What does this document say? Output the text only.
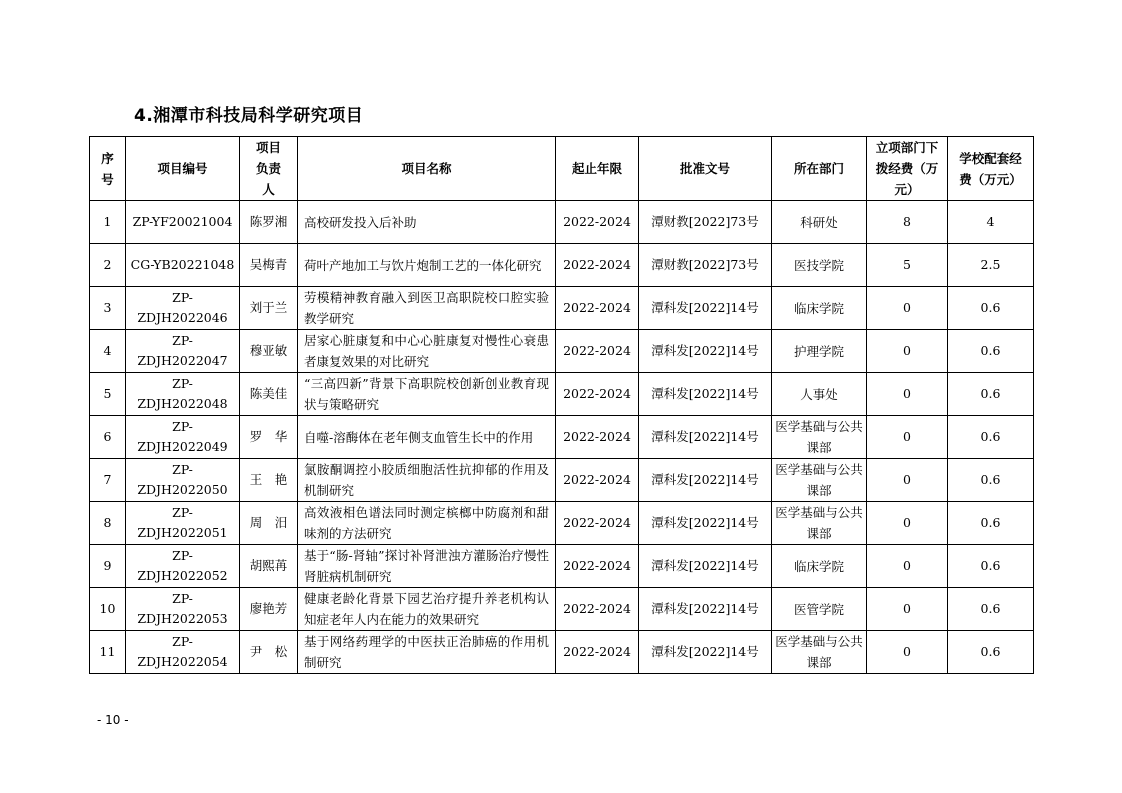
4.湘潭市科技局科学研究项目
序号	项目编号	项目负责人	项目名称	起止年限	批准文号	所在部门	立项部门下拨经费（万元）	学校配套经费（万元）
1	ZP-YF20021004	陈罗湘	高校研发投入后补助	2022-2024	潭财教[2022]73号	科研处	8	4
2	CG-YB20221048	吴梅青	荷叶产地加工与饮片炮制工艺的一体化研究	2022-2024	潭财教[2022]73号	医技学院	5	2.5
3	ZP-ZDJH2022046	刘于兰	劳模精神教育融入到医卫高职院校口腔实验教学研究	2022-2024	潭科发[2022]14号	临床学院	0	0.6
4	ZP-ZDJH2022047	穆亚敏	居家心脏康复和中心心脏康复对慢性心衰患者康复效果的对比研究	2022-2024	潭科发[2022]14号	护理学院	0	0.6
5	ZP-ZDJH2022048	陈美佳	“三高四新”背景下高职院校创新创业教育现状与策略研究	2022-2024	潭科发[2022]14号	人事处	0	0.6
6	ZP-ZDJH2022049	罗　华	自噬-溶酶体在老年侧支血管生长中的作用	2022-2024	潭科发[2022]14号	医学基础与公共课部	0	0.6
7	ZP-ZDJH2022050	王　艳	氯胺酮调控小胶质细胞活性抗抑郁的作用及机制研究	2022-2024	潭科发[2022]14号	医学基础与公共课部	0	0.6
8	ZP-ZDJH2022051	周　汨	高效液相色谱法同时测定槟榔中防腐剂和甜味剂的方法研究	2022-2024	潭科发[2022]14号	医学基础与公共课部	0	0.6
9	ZP-ZDJH2022052	胡熙苒	基于“肠-肾轴”探讨补肾泄浊方灌肠治疗慢性肾脏病机制研究	2022-2024	潭科发[2022]14号	临床学院	0	0.6
10	ZP-ZDJH2022053	廖艳芳	健康老龄化背景下园艺治疗提升养老机构认知症老年人内在能力的效果研究	2022-2024	潭科发[2022]14号	医管学院	0	0.6
11	ZP-ZDJH2022054	尹　松	基于网络药理学的中医扶正治肺癌的作用机制研究	2022-2024	潭科发[2022]14号	医学基础与公共课部	0	0.6

- 10 -
